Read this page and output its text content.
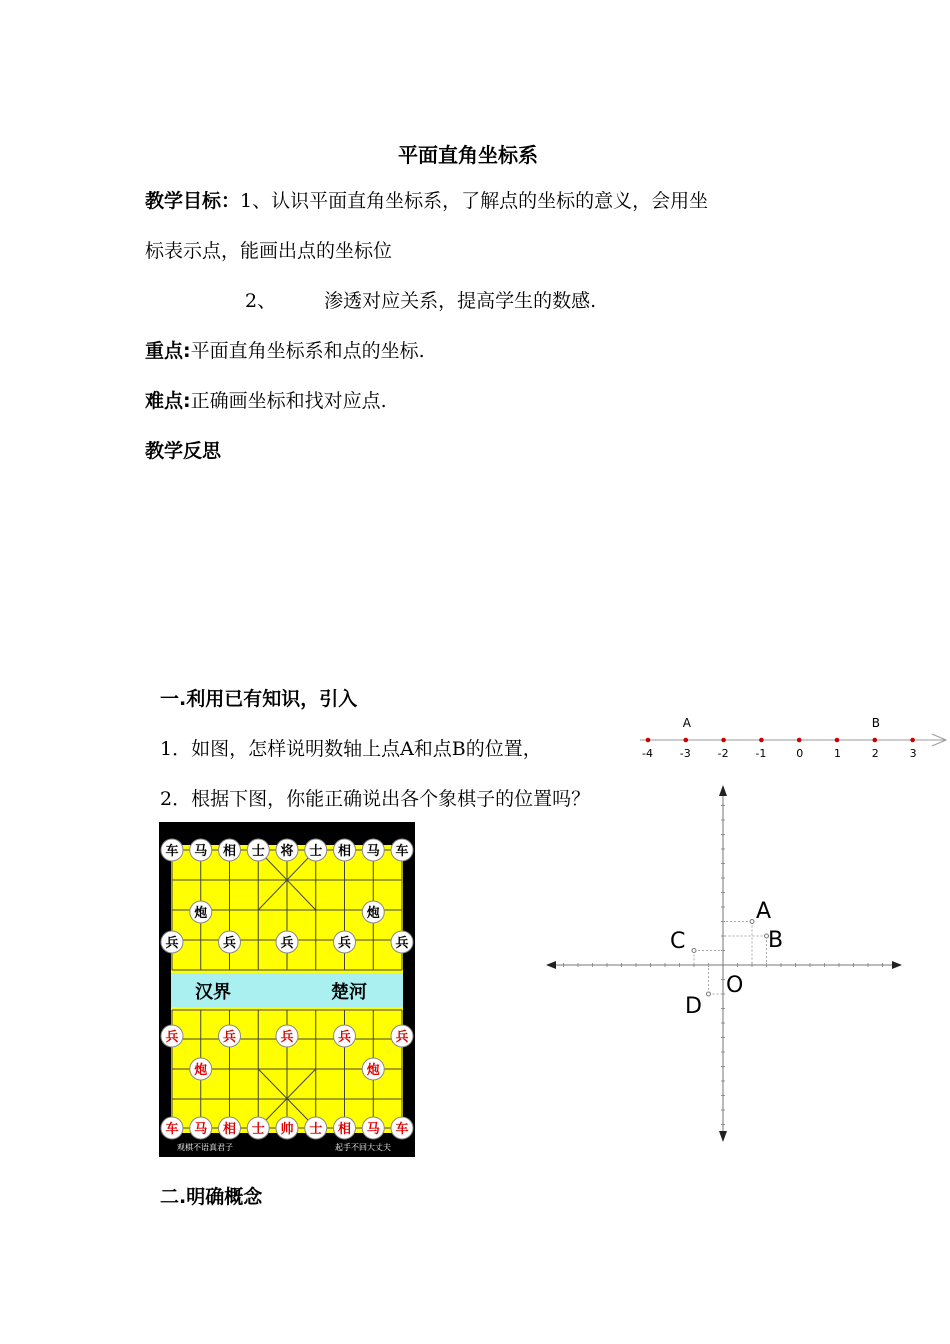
平面直角坐标系
教学目标：1、认识平面直角坐标系，了解点的坐标的意义，会用坐
标表示点，能画出点的坐标位
2、	渗透对应关系，提高学生的数感.
重点:平面直角坐标系和点的坐标.
难点:正确画坐标和找对应点.
教学反思
一.利用已有知识，引入
1．如图，怎样说明数轴上点A和点B的位置，
2．根据下图，你能正确说出各个象棋子的位置吗？
二.明确概念
-4 -3 -2 -1	0	1	2	3
A	B
汉界	楚河
车 马 相 士 将 士 相 马 车
炮	炮
兵	兵	兵	兵	兵
兵	兵	兵	兵	兵
炮	炮
车 马 相 士 帅 士 相 马 车
观棋不语真君子	起手不回大丈夫
O
A
B
C
D
